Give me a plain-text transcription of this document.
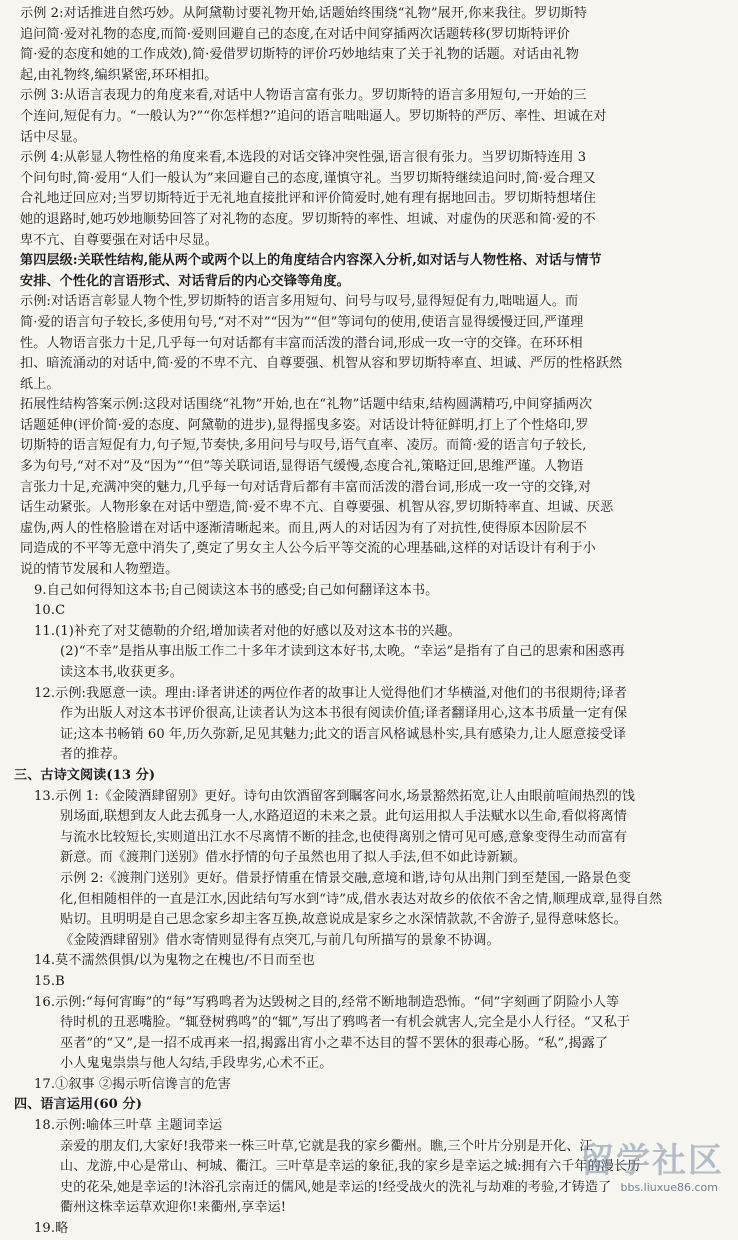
示例 2:对话推进自然巧妙。从阿黛勒讨要礼物开始,话题始终围绕“礼物”展开,你来我往。罗切斯特

追问简·爱对礼物的态度,而简·爱则回避自己的态度,在对话中间穿插两次话题转移(罗切斯特评价

简·爱的态度和她的工作成效),简·爱借罗切斯特的评价巧妙地结束了关于礼物的话题。对话由礼物

起,由礼物终,编织紧密,环环相扣。

示例 3:从语言表现力的角度来看,对话中人物语言富有张力。罗切斯特的语言多用短句,一开始的三

个连问,短促有力。“一般认为?”“你怎样想?”追问的语言咄咄逼人。罗切斯特的严厉、率性、坦诚在对

话中尽显。

示例 4:从彰显人物性格的角度来看,本选段的对话交锋冲突性强,语言很有张力。当罗切斯特连用 3

个问句时,简·爱用“人们一般认为”来回避自己的态度,谨慎守礼。当罗切斯特继续追问时,简·爱合理又

合礼地迂回应对;当罗切斯特近于无礼地直接批评和评价简爱时,她有理有据地回击。罗切斯特想堵住

她的退路时,她巧妙地顺势回答了对礼物的态度。罗切斯特的率性、坦诚、对虚伪的厌恶和简·爱的不

卑不亢、自尊要强在对话中尽显。

第四层级:关联性结构,能从两个或两个以上的角度结合内容深入分析,如对话与人物性格、对话与情节

安排、个性化的言语形式、对话背后的内心交锋等角度。

示例:对话语言彰显人物个性,罗切斯特的语言多用短句、问号与叹号,显得短促有力,咄咄逼人。而

简·爱的语言句子较长,多使用句号,“对不对”“因为”“但”等词句的使用,使语言显得缓慢迂回,严谨理

性。人物语言张力十足,几乎每一句对话都有丰富而活泼的潜台词,形成一攻一守的交锋。在环环相

扣、暗流涌动的对话中,简·爱的不卑不亢、自尊要强、机智从容和罗切斯特率直、坦诚、严厉的性格跃然

纸上。

拓展性结构答案示例:这段对话围绕“礼物”开始,也在“礼物”话题中结束,结构圆满精巧,中间穿插两次

话题延伸(评价简·爱的态度、阿黛勒的进步),显得摇曳多姿。对话设计特征鲜明,打上了个性烙印,罗

切斯特的语言短促有力,句子短,节奏快,多用问号与叹号,语气直率、凌厉。而简·爱的语言句子较长,

多为句号,“对不对”及“因为”“但”等关联词语,显得语气缓慢,态度合礼,策略迂回,思维严谨。人物语

言张力十足,充满冲突的魅力,几乎每一句对话背后都有丰富而活泼的潜台词,形成一攻一守的交锋,对

话生动紧张。人物形象在对话中塑造,简·爱不卑不亢、自尊要强、机智从容,罗切斯特率直、坦诚、厌恶

虚伪,两人的性格脸谱在对话中逐渐清晰起来。而且,两人的对话因为有了对抗性,使得原本因阶层不

同造成的不平等无意中消失了,奠定了男女主人公今后平等交流的心理基础,这样的对话设计有利于小

说的情节发展和人物塑造。

9.自己如何得知这本书;自己阅读这本书的感受;自己如何翻译这本书。

10.C

11.(1)补充了对艾德勒的介绍,增加读者对他的好感以及对这本书的兴趣。

(2)“不幸”是指从事出版工作二十多年才读到这本好书,太晚。“幸运”是指有了自己的思索和困惑再

读这本书,收获更多。

12.示例:我愿意一读。理由:译者讲述的两位作者的故事让人觉得他们才华横溢,对他们的书很期待;译者

作为出版人对这本书评价很高,让读者认为这本书很有阅读价值;译者翻译用心,这本书质量一定有保

证;这本书畅销 60 年,历久弥新,足见其魅力;此文的语言风格诚恳朴实,具有感染力,让人愿意接受译

者的推荐。

三、古诗文阅读(13 分)

13.示例 1:《金陵酒肆留别》更好。诗句由饮酒留客到瞩客问水,场景豁然拓宽,让人由眼前喧闹热烈的饯

别场面,联想到友人此去孤身一人,水路迢迢的未来之景。此句运用拟人手法赋水以生命,看似将离情

与流水比较短长,实则道出江水不尽离情不断的挂念,也使得离别之情可见可感,意象变得生动而富有

新意。而《渡荆门送别》借水抒情的句子虽然也用了拟人手法,但不如此诗新颖。

示例 2:《渡荆门送别》更好。借景抒情重在情景交融,意境和谐,诗句从出荆门到至楚国,一路景色变

化,但相随相伴的一直是江水,因此结句写水到“诗”成,借水表达对故乡的依依不舍之情,顺理成章,显得自然

贴切。且明明是自己思念家乡却主客互换,故意说成是家乡之水深情款款,不舍游子,显得意味悠长。

《金陵酒肆留别》借水寄情则显得有点突兀,与前几句所描写的景象不协调。

14.莫不濡然俱惧/以为鬼物之在槐也/不日而至也

15.B

16.示例:“每何宵晦”的“每”写鸦鸣者为达毁树之目的,经常不断地制造恐怖。“伺”字刻画了阴险小人等

待时机的丑恶嘴脸。“辄登树鸦鸣”的“辄”,写出了鸦鸣者一有机会就害人,完全是小人行径。“又私于

巫者”的“又”,是一招不成再来一招,揭露出宵小之辈不达目的誓不罢休的狠毒心肠。“私”,揭露了

小人鬼鬼祟祟与他人勾结,手段卑劣,心术不正。

17.①叙事 ②揭示听信谗言的危害

四、语言运用(60 分)

18.示例:喻体三叶草 主题词幸运

亲爱的朋友们,大家好!我带来一株三叶草,它就是我的家乡衢州。瞧,三个叶片分别是开化、江

山、龙游,中心是常山、柯城、衢江。三叶草是幸运的象征,我的家乡是幸运之城:拥有六千年的漫长历

史的花朵,她是幸运的!沐浴孔宗南迁的儒风,她是幸运的!经受战火的洗礼与劫难的考验,才铸造了

衢州这株幸运草欢迎你!来衢州,享幸运!

19.略

留学社区
bbs.liuxue86.com
